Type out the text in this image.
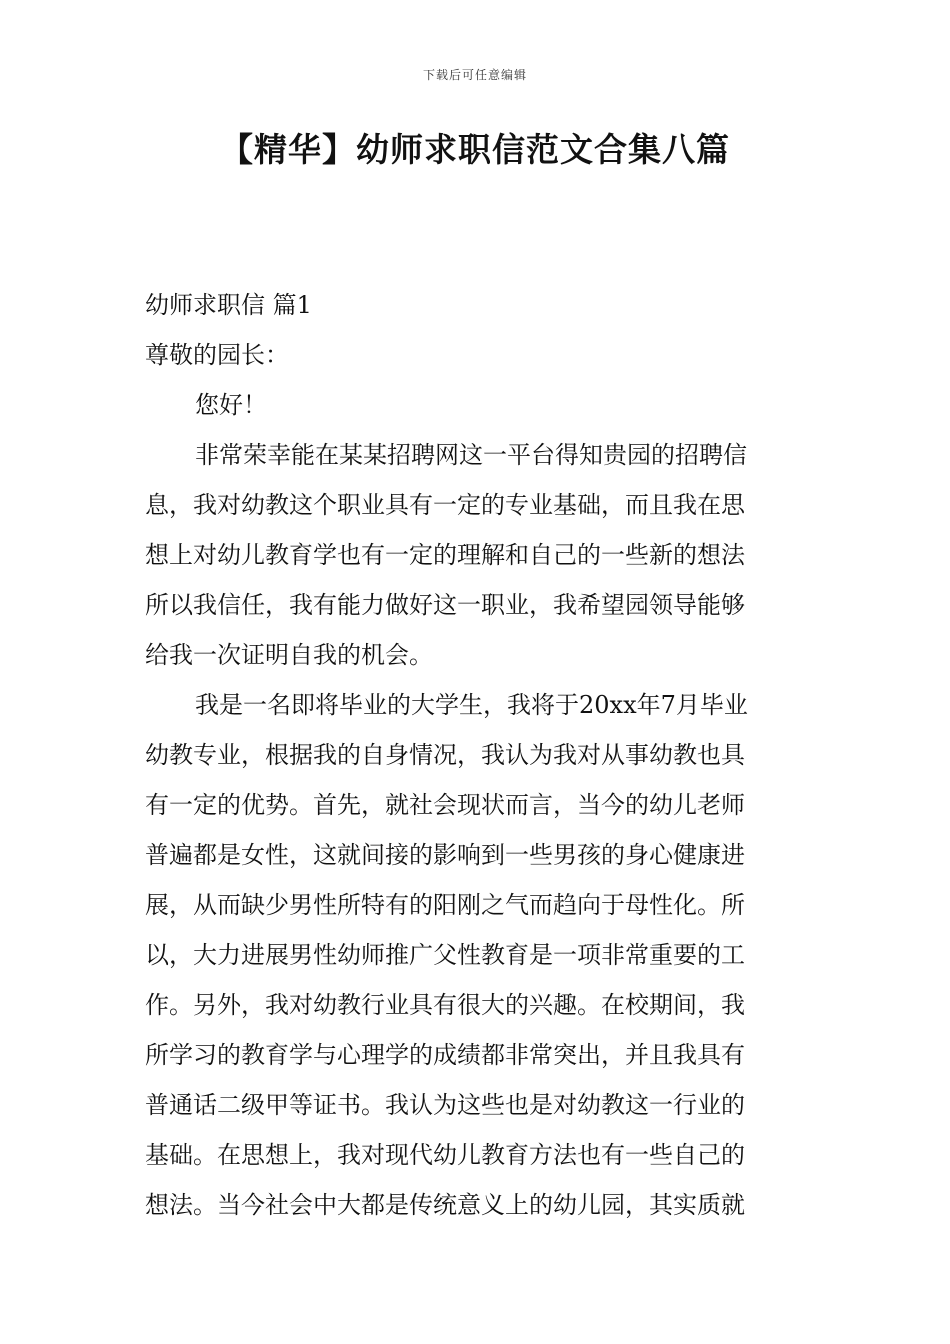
下载后可任意编辑
【精华】幼师求职信范文合集八篇
幼师求职信 篇1
尊敬的园长：
您好！
非常荣幸能在某某招聘网这一平台得知贵园的招聘信
息，我对幼教这个职业具有一定的专业基础，而且我在思
想上对幼儿教育学也有一定的理解和自己的一些新的想法
所以我信任，我有能力做好这一职业，我希望园领导能够
给我一次证明自我的机会。
我是一名即将毕业的大学生，我将于20xx年7月毕业
幼教专业，根据我的自身情况，我认为我对从事幼教也具
有一定的优势。首先，就社会现状而言，当今的幼儿老师
普遍都是女性，这就间接的影响到一些男孩的身心健康进
展，从而缺少男性所特有的阳刚之气而趋向于母性化。所
以，大力进展男性幼师推广父性教育是一项非常重要的工
作。另外，我对幼教行业具有很大的兴趣。在校期间，我
所学习的教育学与心理学的成绩都非常突出，并且我具有
普通话二级甲等证书。我认为这些也是对幼教这一行业的
基础。在思想上，我对现代幼儿教育方法也有一些自己的
想法。当今社会中大都是传统意义上的幼儿园，其实质就
